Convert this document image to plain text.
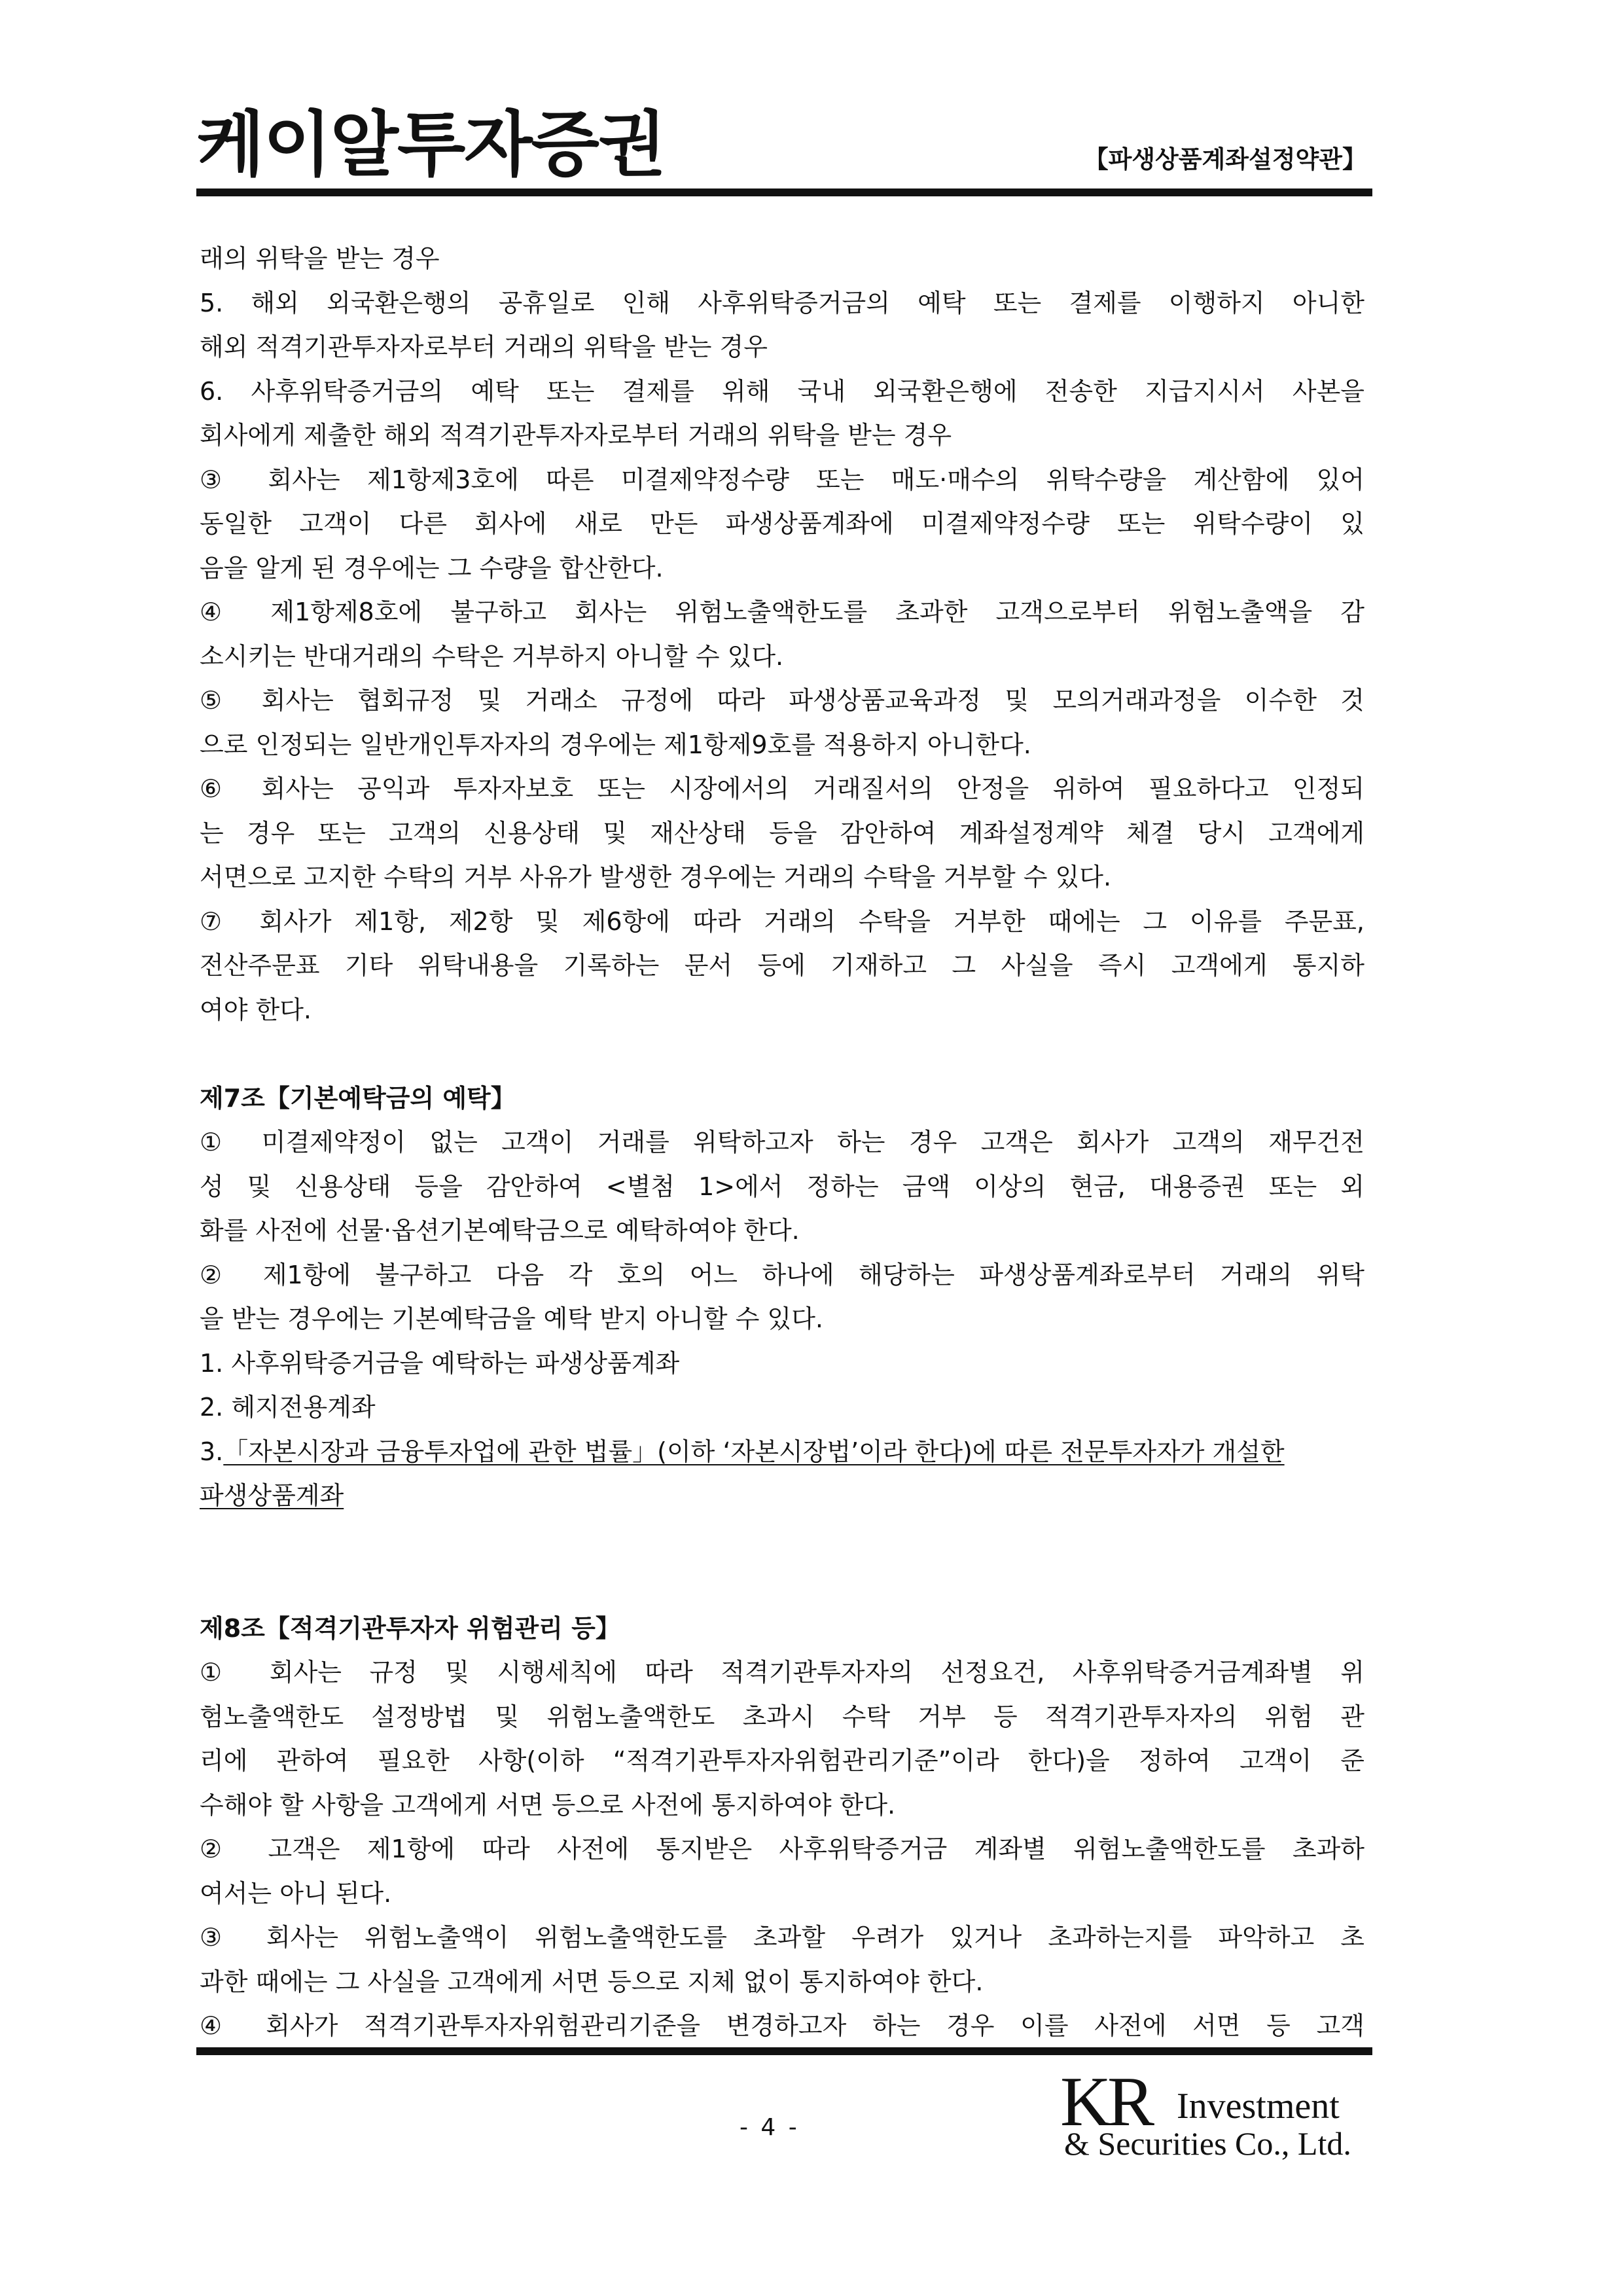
케이알투자증권	【파생상품계좌설정약관】
래의 위탁을 받는 경우
5. 해외 외국환은행의 공휴일로 인해 사후위탁증거금의 예탁 또는 결제를 이행하지 아니한
해외 적격기관투자자로부터 거래의 위탁을 받는 경우
6. 사후위탁증거금의 예탁 또는 결제를 위해 국내 외국환은행에 전송한 지급지시서 사본을
회사에게 제출한 해외 적격기관투자자로부터 거래의 위탁을 받는 경우
③ 회사는 제1항제3호에 따른 미결제약정수량 또는 매도·매수의 위탁수량을 계산함에 있어
동일한 고객이 다른 회사에 새로 만든 파생상품계좌에 미결제약정수량 또는 위탁수량이 있
음을 알게 된 경우에는 그 수량을 합산한다.
④ 제1항제8호에 불구하고 회사는 위험노출액한도를 초과한 고객으로부터 위험노출액을 감
소시키는 반대거래의 수탁은 거부하지 아니할 수 있다.
⑤ 회사는 협회규정 및 거래소 규정에 따라 파생상품교육과정 및 모의거래과정을 이수한 것
으로 인정되는 일반개인투자자의 경우에는 제1항제9호를 적용하지 아니한다.
⑥ 회사는 공익과 투자자보호 또는 시장에서의 거래질서의 안정을 위하여 필요하다고 인정되
는 경우 또는 고객의 신용상태 및 재산상태 등을 감안하여 계좌설정계약 체결 당시 고객에게
서면으로 고지한 수탁의 거부 사유가 발생한 경우에는 거래의 수탁을 거부할 수 있다.
⑦ 회사가 제1항, 제2항 및 제6항에 따라 거래의 수탁을 거부한 때에는 그 이유를 주문표,
전산주문표 기타 위탁내용을 기록하는 문서 등에 기재하고 그 사실을 즉시 고객에게 통지하
여야 한다.
제7조【기본예탁금의 예탁】
① 미결제약정이 없는 고객이 거래를 위탁하고자 하는 경우 고객은 회사가 고객의 재무건전
성 및 신용상태 등을 감안하여 <별첨 1>에서 정하는 금액 이상의 현금, 대용증권 또는 외
화를 사전에 선물·옵션기본예탁금으로 예탁하여야 한다.
② 제1항에 불구하고 다음 각 호의 어느 하나에 해당하는 파생상품계좌로부터 거래의 위탁
을 받는 경우에는 기본예탁금을 예탁 받지 아니할 수 있다.
1. 사후위탁증거금을 예탁하는 파생상품계좌
2. 헤지전용계좌
3.「자본시장과 금융투자업에 관한 법률」(이하 ‘자본시장법’이라 한다)에 따른 전문투자자가 개설한
파생상품계좌
제8조【적격기관투자자 위험관리 등】
① 회사는 규정 및 시행세칙에 따라 적격기관투자자의 선정요건, 사후위탁증거금계좌별 위
험노출액한도 설정방법 및 위험노출액한도 초과시 수탁 거부 등 적격기관투자자의 위험 관
리에 관하여 필요한 사항(이하 “적격기관투자자위험관리기준”이라 한다)을 정하여 고객이 준
수해야 할 사항을 고객에게 서면 등으로 사전에 통지하여야 한다.
② 고객은 제1항에 따라 사전에 통지받은 사후위탁증거금 계좌별 위험노출액한도를 초과하
여서는 아니 된다.
③ 회사는 위험노출액이 위험노출액한도를 초과할 우려가 있거나 초과하는지를 파악하고 초
과한 때에는 그 사실을 고객에게 서면 등으로 지체 없이 통지하여야 한다.
④ 회사가 적격기관투자자위험관리기준을 변경하고자 하는 경우 이를 사전에 서면 등 고객
- 4 -	KR Investment
& Securities Co., Ltd.
